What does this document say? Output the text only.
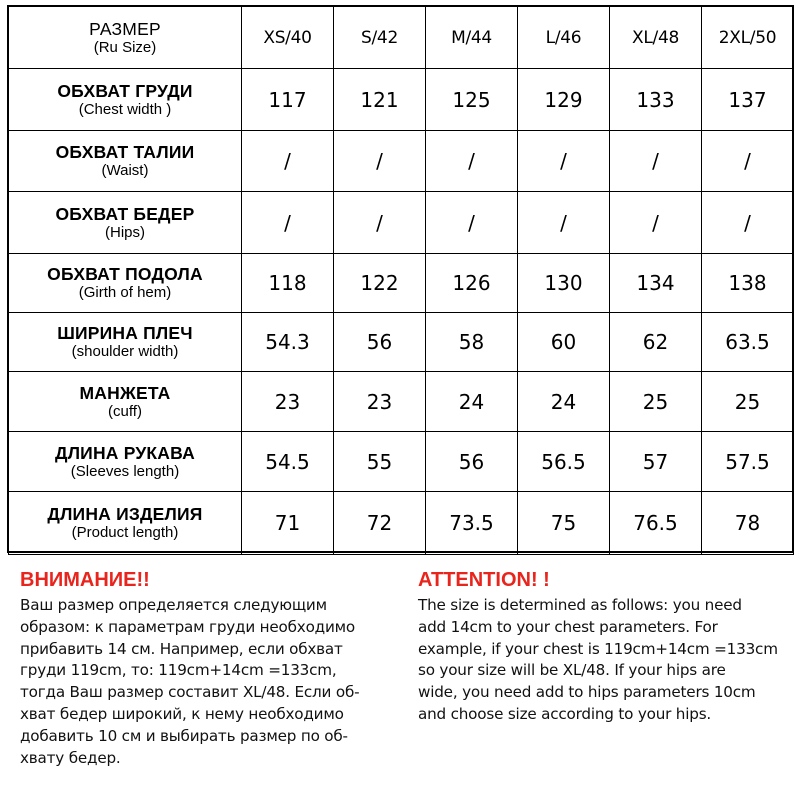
РАЗМЕР
(Ru Size)	XS/40	S/42	M/44	L/46	XL/48	2XL/50

ОБХВАТ ГРУДИ
(Chest width )	117	121	125	129	133	137

ОБХВАТ ТАЛИИ
(Waist)	/	/	/	/	/	/

ОБХВАТ БЕДЕР
(Hips)	/	/	/	/	/	/

ОБХВАТ ПОДОЛА
(Girth of hem)	118	122	126	130	134	138

ШИРИНА ПЛЕЧ
(shoulder width)	54.3	56	58	60	62	63.5

МАНЖЕТА
(cuff)	23	23	24	24	25	25

ДЛИНА РУКАВА
(Sleeves length)	54.5	55	56	56.5	57	57.5

ДЛИНА ИЗДЕЛИЯ
(Product length)	71	72	73.5	75	76.5	78
ВНИМАНИЕ!!
Ваш размер определяется следующим
образом: к параметрам груди необходимо
прибавить 14 см. Например, если обхват
груди 119cm, то: 119cm+14cm =133cm,
тогда Ваш размер составит XL/48. Если об-
хват бедер широкий, к нему необходимо
добавить 10 см и выбирать размер по об-
хвату бедер.
ATTENTION! !
The size is determined as follows: you need
add 14cm to your chest parameters. For
example, if your chest is 119cm+14cm =133cm
so your size will be XL/48. If your hips are
wide, you need add to hips parameters 10cm
and choose size according to your hips.
